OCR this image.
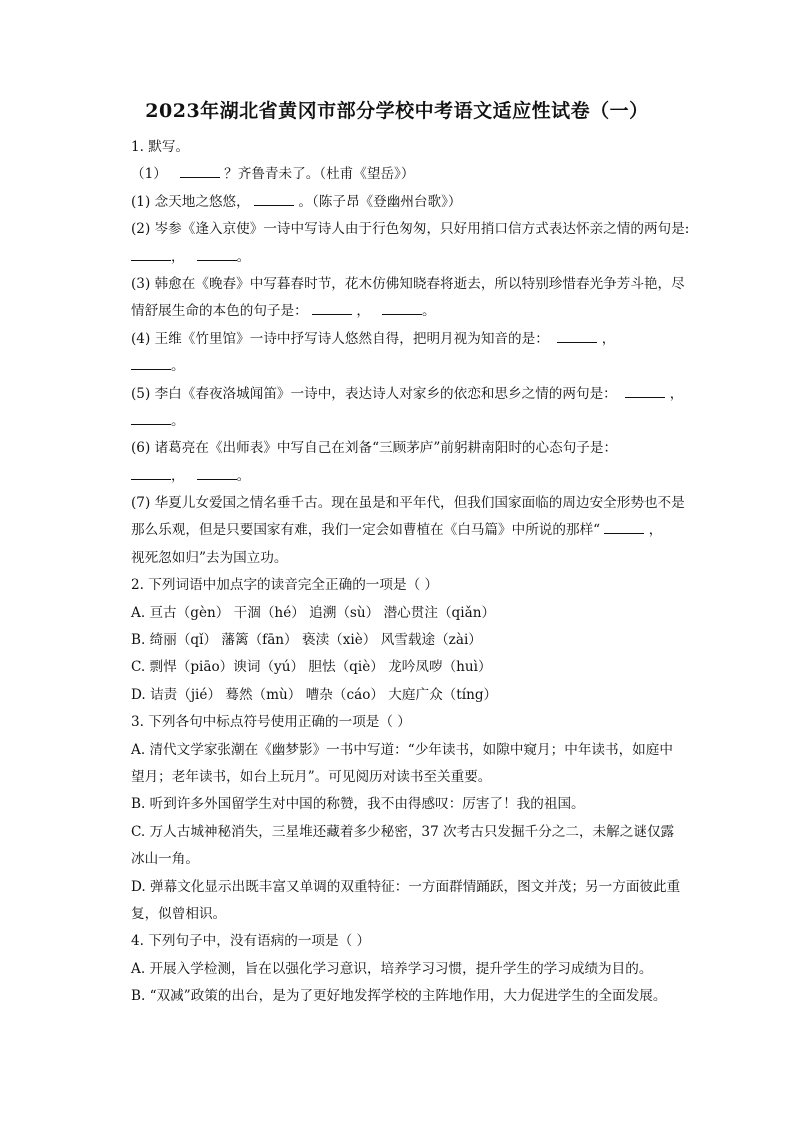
2023年湖北省黄冈市部分学校中考语文适应性试卷（一）
1. 默写。
（1）	？齐鲁青未了。（杜甫《望岳》）
(1) 念天地之悠悠，	。（陈子昂《登幽州台歌》）
(2) 岑参《逢入京使》一诗中写诗人由于行色匆匆，只好用捎口信方式表达怀亲之情的两句是:
，	。
(3) 韩愈在《晚春》中写暮春时节，花木仿佛知晓春将逝去，所以特别珍惜春光争芳斗艳，尽
情舒展生命的本色的句子是：	，	。
(4) 王维《竹里馆》一诗中抒写诗人悠然自得，把明月视为知音的是：	，
。
(5) 李白《春夜洛城闻笛》一诗中，表达诗人对家乡的依恋和思乡之情的两句是：	，
。
(6) 诸葛亮在《出师表》中写自己在刘备“三顾茅庐”前躬耕南阳时的心态句子是：
，	。
(7) 华夏儿女爱国之情名垂千古。现在虽是和平年代，但我们国家面临的周边安全形势也不是
那么乐观，但是只要国家有难，我们一定会如曹植在《白马篇》中所说的那样“	，
视死忽如归”去为国立功。
2. 下列词语中加点字的读音完全正确的一项是（ ）
A. 亘古（gèn） 干涸（hé） 追溯（sù） 潜心贯注（qiǎn）
B. 绮丽（qǐ） 藩篱（fān） 亵渎（xiè） 风雪载途（zài）
C. 剽悍（piāo）谀词（yú） 胆怯（qiè） 龙吟凤哕（huì）
D. 诘责（jié） 蓦然（mù） 嘈杂（cáo） 大庭广众（tíng）
3. 下列各句中标点符号使用正确的一项是（ ）
A. 清代文学家张潮在《幽梦影》一书中写道：“少年读书，如隙中窥月；中年读书，如庭中
望月；老年读书，如台上玩月”。可见阅历对读书至关重要。
B. 听到许多外国留学生对中国的称赞，我不由得感叹：厉害了！我的祖国。
C. 万人古城神秘消失，三星堆还藏着多少秘密，37 次考古只发掘千分之二，未解之谜仅露
冰山一角。
D. 弹幕文化显示出既丰富又单调的双重特征：一方面群情踊跃，图文并茂；另一方面彼此重
复，似曾相识。
4. 下列句子中，没有语病的一项是（ ）
A. 开展入学检测，旨在以强化学习意识，培养学习习惯，提升学生的学习成绩为目的。
B. “双减”政策的出台，是为了更好地发挥学校的主阵地作用，大力促进学生的全面发展。
